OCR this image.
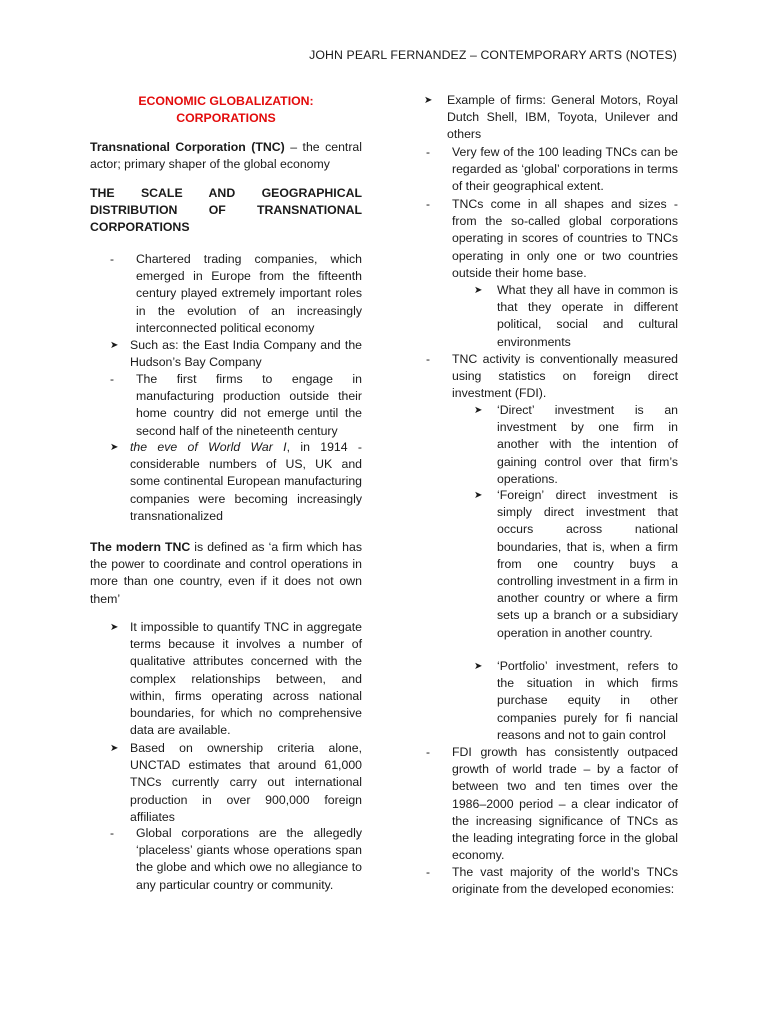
JOHN PEARL FERNANDEZ – CONTEMPORARY ARTS (NOTES)
ECONOMIC GLOBALIZATION:
CORPORATIONS
Transnational Corporation (TNC) – the central actor; primary shaper of the global economy
THE SCALE AND GEOGRAPHICAL
DISTRIBUTION OF TRANSNATIONAL
CORPORATIONS
-	Chartered trading companies, which emerged in Europe from the fifteenth century played extremely important roles in the evolution of an increasingly interconnected political economy
➤ Such as: the East India Company and the Hudson’s Bay Company
-	The first firms to engage in manufacturing production outside their home country did not emerge until the second half of the nineteenth century
➤ the eve of World War I, in 1914 - considerable numbers of US, UK and some continental European manufacturing companies were becoming increasingly transnationalized
The modern TNC is defined as ‘a firm which has the power to coordinate and control operations in more than one country, even if it does not own them’
➤ It impossible to quantify TNC in aggregate terms because it involves a number of qualitative attributes concerned with the complex relationships between, and within, firms operating across national boundaries, for which no comprehensive data are available.
➤ Based on ownership criteria alone, UNCTAD estimates that around 61,000 TNCs currently carry out international production in over 900,000 foreign affiliates
-	Global corporations are the allegedly ‘placeless’ giants whose operations span the globe and which owe no allegiance to any particular country or community.
➤	Example of firms: General Motors, Royal Dutch Shell, IBM, Toyota, Unilever and others
-	Very few of the 100 leading TNCs can be regarded as ‘global’ corporations in terms of their geographical extent.
-	TNCs come in all shapes and sizes - from the so-called global corporations operating in scores of countries to TNCs operating in only one or two countries outside their home base.
➤	What they all have in common is that they operate in different political, social and cultural environments
-	TNC activity is conventionally measured using statistics on foreign direct investment (FDI).
➤	‘Direct’ investment is an investment by one firm in another with the intention of gaining control over that firm’s operations.
➤	‘Foreign’ direct investment is simply direct investment that occurs across national boundaries, that is, when a firm from one country buys a controlling investment in a firm in another country or where a firm sets up a branch or a subsidiary operation in another country.
➤	‘Portfolio’ investment, refers to the situation in which firms purchase equity in other companies purely for fi nancial reasons and not to gain control
-	FDI growth has consistently outpaced growth of world trade – by a factor of between two and ten times over the 1986–2000 period – a clear indicator of the increasing significance of TNCs as the leading integrating force in the global economy.
-	The vast majority of the world’s TNCs originate from the developed economies:
